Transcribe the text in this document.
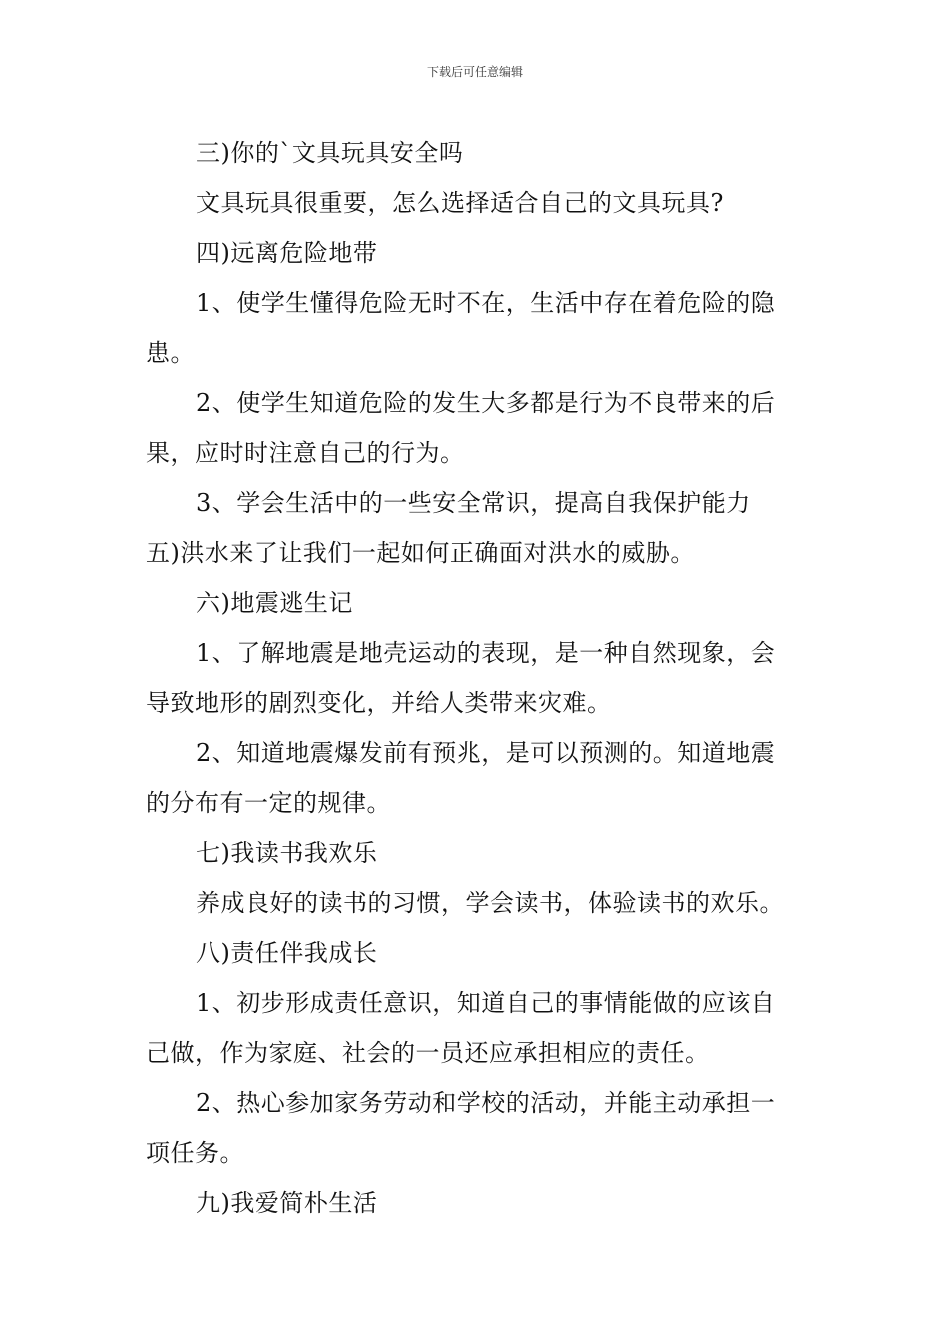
下载后可任意编辑
三)你的`文具玩具安全吗
文具玩具很重要，怎么选择适合自己的文具玩具?
四)远离危险地带
1、使学生懂得危险无时不在，生活中存在着危险的隐
患。
2、使学生知道危险的发生大多都是行为不良带来的后
果，应时时注意自己的行为。
3、学会生活中的一些安全常识，提高自我保护能力
五)洪水来了让我们一起如何正确面对洪水的威胁。
六)地震逃生记
1、了解地震是地壳运动的表现，是一种自然现象，会
导致地形的剧烈变化，并给人类带来灾难。
2、知道地震爆发前有预兆，是可以预测的。知道地震
的分布有一定的规律。
七)我读书我欢乐
养成良好的读书的习惯，学会读书，体验读书的欢乐。
八)责任伴我成长
1、初步形成责任意识，知道自己的事情能做的应该自
己做，作为家庭、社会的一员还应承担相应的责任。
2、热心参加家务劳动和学校的活动，并能主动承担一
项任务。
九)我爱简朴生活
